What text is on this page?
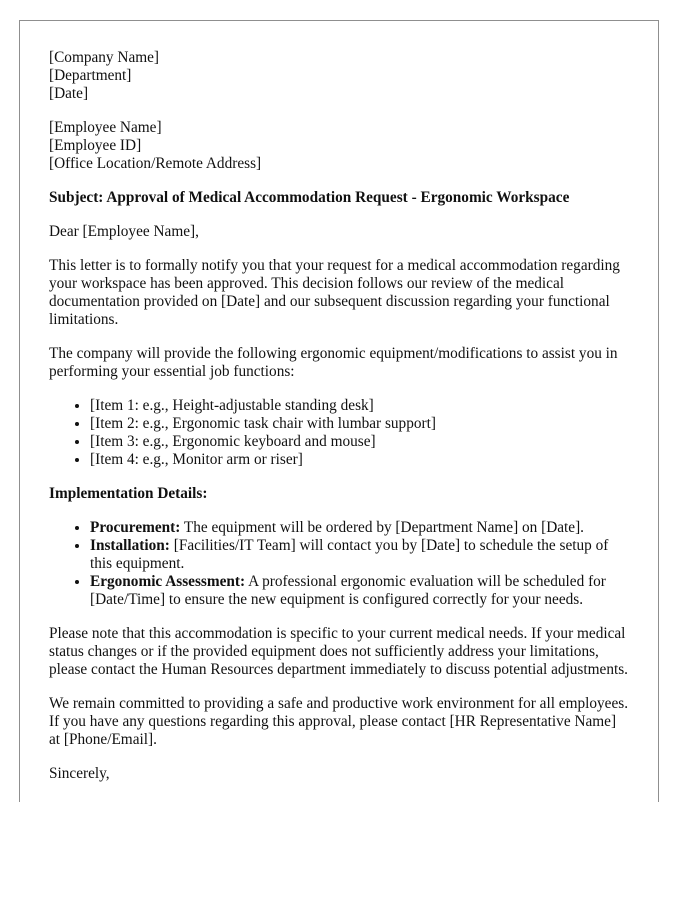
[Company Name]
[Department]
[Date]
[Employee Name]
[Employee ID]
[Office Location/Remote Address]
Subject: Approval of Medical Accommodation Request - Ergonomic Workspace

Dear [Employee Name],

This letter is to formally notify you that your request for a medical accommodation regarding your workspace has been approved. This decision follows our review of the medical documentation provided on [Date] and our subsequent discussion regarding your functional limitations.

The company will provide the following ergonomic equipment/modifications to assist you in performing your essential job functions:

• [Item 1: e.g., Height-adjustable standing desk]
• [Item 2: e.g., Ergonomic task chair with lumbar support]
• [Item 3: e.g., Ergonomic keyboard and mouse]
• [Item 4: e.g., Monitor arm or riser]
Implementation Details:
• Procurement: The equipment will be ordered by [Department Name] on [Date].
• Installation: [Facilities/IT Team] will contact you by [Date] to schedule the setup of this equipment.
• Ergonomic Assessment: A professional ergonomic evaluation will be scheduled for [Date/Time] to ensure the new equipment is configured correctly for your needs.

Please note that this accommodation is specific to your current medical needs. If your medical status changes or if the provided equipment does not sufficiently address your limitations, please contact the Human Resources department immediately to discuss potential adjustments.

We remain committed to providing a safe and productive work environment for all employees. If you have any questions regarding this approval, please contact [HR Representative Name] at [Phone/Email].

Sincerely,
